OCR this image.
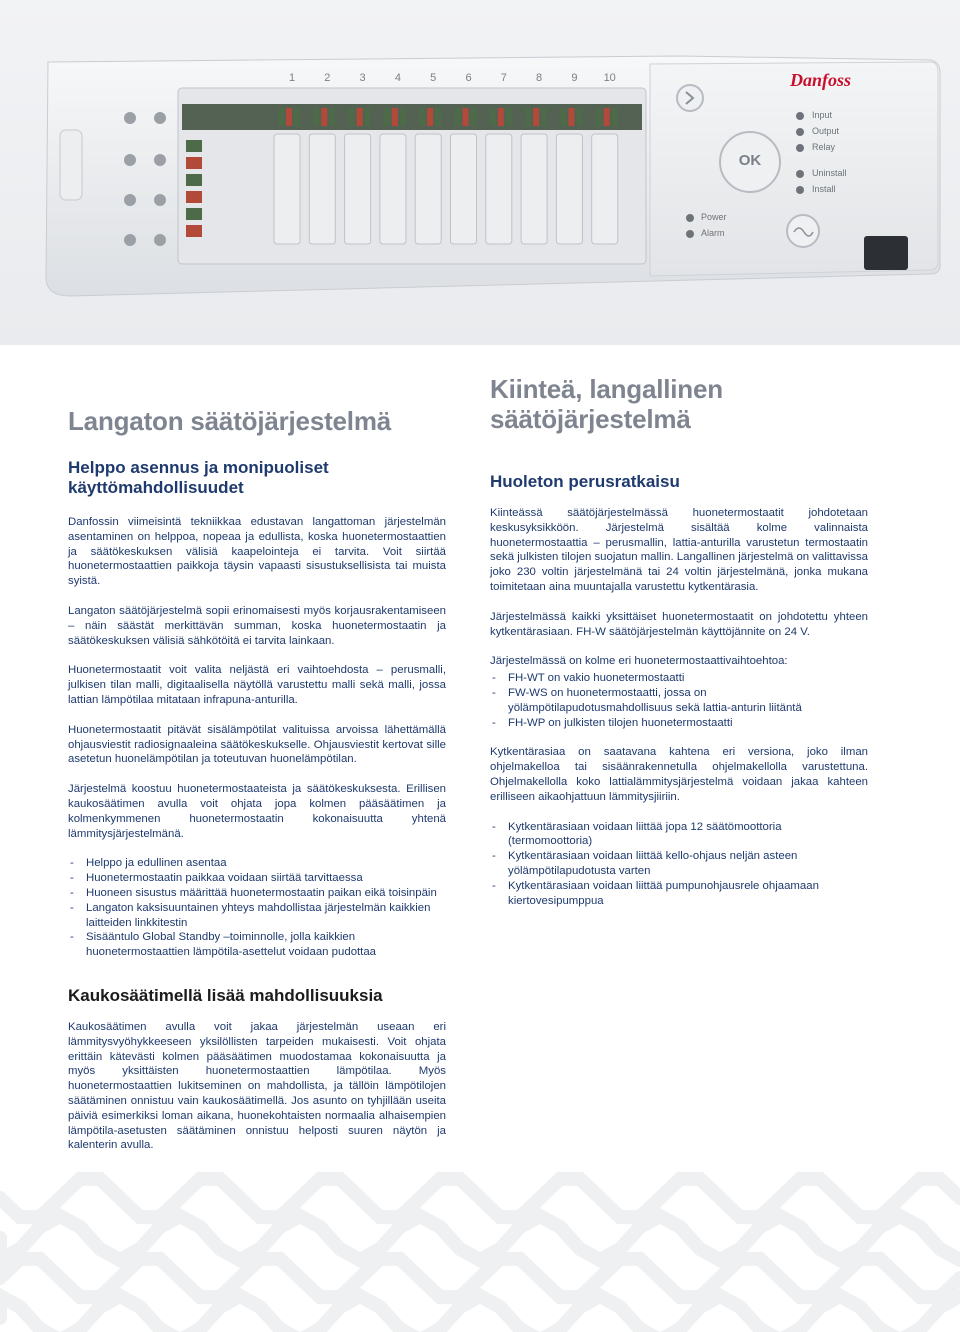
1	2	3	4	5	6	7	8	9	10	Danfoss
OK
Input
Output
Relay
Uninstall
Install
Power
Alarm
Langaton säätöjärjestelmä
Helppo asennus ja monipuoliset käyttömahdollisuudet

Danfossin viimeisintä tekniikkaa edustavan langattoman järjestelmän asentaminen on helppoa, nopeaa ja edullista, koska huonetermostaattien ja säätökeskuksen välisiä kaapelointeja ei tarvita. Voit siirtää huonetermostaattien paikkoja täysin vapaasti sisustuksellisista tai muista syistä.

Langaton säätöjärjestelmä sopii erinomaisesti myös korjausrakentamiseen – näin säästät merkittävän summan, koska huonetermostaatin ja säätökeskuksen välisiä sähkötöitä ei tarvita lainkaan.

Huonetermostaatit voit valita neljästä eri vaihtoehdosta – perusmalli, julkisen tilan malli, digitaalisella näytöllä varustettu malli sekä malli, jossa lattian lämpötilaa mitataan infrapuna-anturilla.

Huonetermostaatit pitävät sisälämpötilat valituissa arvoissa lähettämällä ohjausviestit radiosignaaleina säätökeskukselle. Ohjausviestit kertovat sille asetetun huonelämpötilan ja toteutuvan huonelämpötilan.

Järjestelmä koostuu huonetermostaateista ja säätökeskuksesta. Erillisen kaukosäätimen avulla voit ohjata jopa kolmen pääsäätimen ja kolmenkymmenen huonetermostaatin kokonaisuutta yhtenä lämmitysjärjestelmänä.

- Helppo ja edullinen asentaa
- Huonetermostaatin paikkaa voidaan siirtää tarvittaessa
- Huoneen sisustus määrittää huonetermostaatin paikan eikä toisinpäin
- Langaton kaksisuuntainen yhteys mahdollistaa järjestelmän kaikkien laitteiden linkkitestin
- Sisääntulo Global Standby –toiminnolle, jolla kaikkien huonetermostaattien lämpötila-asettelut voidaan pudottaa
Kaukosäätimellä lisää mahdollisuuksia

Kaukosäätimen avulla voit jakaa järjestelmän useaan eri lämmitysvyöhykkeeseen yksilöllisten tarpeiden mukaisesti. Voit ohjata erittäin kätevästi kolmen pääsäätimen muodostamaa kokonaisuutta ja myös yksittäisten huonetermostaattien lämpötilaa. Myös huonetermostaattien lukitseminen on mahdollista, ja tällöin lämpötilojen säätäminen onnistuu vain kaukosäätimellä. Jos asunto on tyhjillään useita päiviä esimerkiksi loman aikana, huonekohtaisten normaalia alhaisempien lämpötila-asetusten säätäminen onnistuu helposti suuren näytön ja kalenterin avulla.

Kiinteä, langallinen
säätöjärjestelmä
Huoleton perusratkaisu

Kiinteässä säätöjärjestelmässä huonetermostaatit johdotetaan keskusyksikköön. Järjestelmä sisältää kolme valinnaista huonetermostaattia – perusmallin, lattia-anturilla varustetun termostaatin sekä julkisten tilojen suojatun mallin. Langallinen järjestelmä on valittavissa joko 230 voltin järjestelmänä tai 24 voltin järjestelmänä, jonka mukana toimitetaan aina muuntajalla varustettu kytkentärasia.

Järjestelmässä kaikki yksittäiset huonetermostaatit on johdotettu yhteen kytkentärasiaan. FH-W säätöjärjestelmän käyttöjännite on 24 V.

Järjestelmässä on kolme eri huonetermostaattivaihtoehtoa:

- FH-WT on vakio huonetermostaatti
- FW-WS on huonetermostaatti, jossa on yölämpötilapudotusmahdollisuus sekä lattia-anturin liitäntä
- FH-WP on julkisten tilojen huonetermostaatti

Kytkentärasiaa on saatavana kahtena eri versiona, joko ilman ohjelmakelloa tai sisäänrakennetulla ohjelmakellolla varustettuna. Ohjelmakellolla koko lattialämmitysjärjestelmä voidaan jakaa kahteen erilliseen aikaohjattuun lämmitysjiiriin.

- Kytkentärasiaan voidaan liittää jopa 12 säätömoottoria (termomoottoria)
- Kytkentärasiaan voidaan liittää kello-ohjaus neljän asteen yölämpötilapudotusta varten
- Kytkentärasiaan voidaan liittää pumpunohjausrele ohjaamaan kiertovesipumppua
